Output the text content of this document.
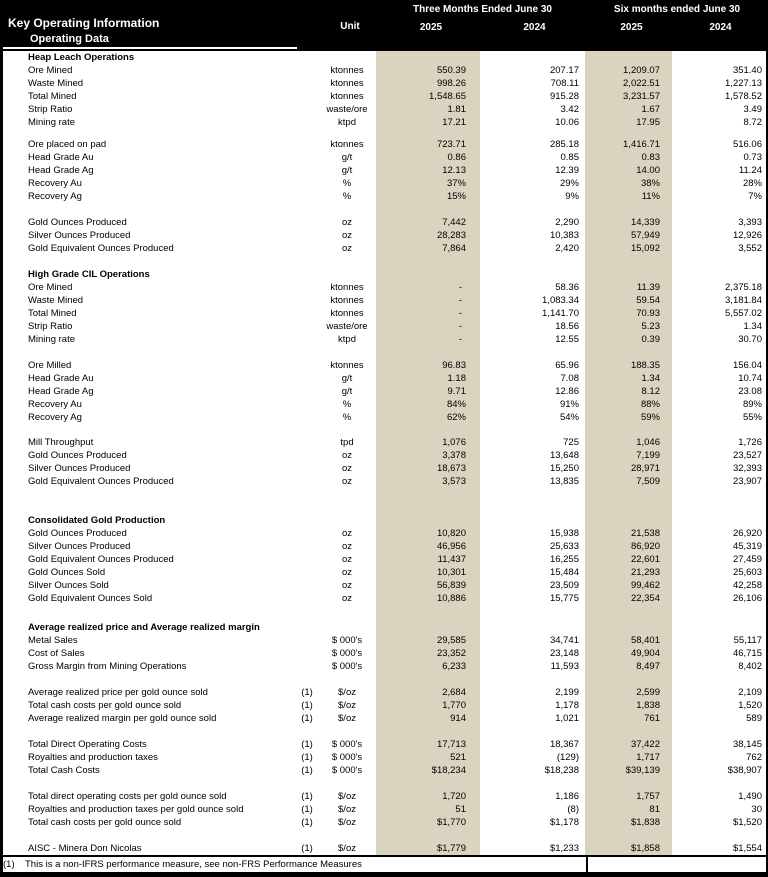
Key Operating Information
Operating Data
Unit
Three Months Ended June 30	Six months ended June 30
2025	2024	2025	2024
Heap Leach Operations
Ore Mined	ktonnes	550.39	207.17	1,209.07	351.40
Waste Mined	ktonnes	998.26	708.11	2,022.51	1,227.13
Total Mined	ktonnes	1,548.65	915.28	3,231.57	1,578.52
Strip Ratio	waste/ore	1.81	3.42	1.67	3.49
Mining rate	ktpd	17.21	10.06	17.95	8.72
Ore placed on pad	ktonnes	723.71	285.18	1,416.71	516.06
Head Grade Au	g/t	0.86	0.85	0.83	0.73
Head Grade Ag	g/t	12.13	12.39	14.00	11.24
Recovery Au	%	37%	29%	38%	28%
Recovery Ag	%	15%	9%	11%	7%
Gold Ounces Produced	oz	7,442	2,290	14,339	3,393
Silver Ounces Produced	oz	28,283	10,383	57,949	12,926
Gold Equivalent Ounces Produced	oz	7,864	2,420	15,092	3,552
High Grade CIL Operations
Ore Mined	ktonnes	-	58.36	11.39	2,375.18
Waste Mined	ktonnes	-	1,083.34	59.54	3,181.84
Total Mined	ktonnes	-	1,141.70	70.93	5,557.02
Strip Ratio	waste/ore	-	18.56	5.23	1.34
Mining rate	ktpd	-	12.55	0.39	30.70
Ore Milled	ktonnes	96.83	65.96	188.35	156.04
Head Grade Au	g/t	1.18	7.08	1.34	10.74
Head Grade Ag	g/t	9.71	12.86	8.12	23.08
Recovery Au	%	84%	91%	88%	89%
Recovery Ag	%	62%	54%	59%	55%
Mill Throughput	tpd	1,076	725	1,046	1,726
Gold Ounces Produced	oz	3,378	13,648	7,199	23,527
Silver Ounces Produced	oz	18,673	15,250	28,971	32,393
Gold Equivalent Ounces Produced	oz	3,573	13,835	7,509	23,907
Consolidated Gold Production
Gold Ounces Produced	oz	10,820	15,938	21,538	26,920
Silver Ounces Produced	oz	46,956	25,633	86,920	45,319
Gold Equivalent Ounces Produced	oz	11,437	16,255	22,601	27,459
Gold Ounces Sold	oz	10,301	15,484	21,293	25,603
Silver Ounces Sold	oz	56,839	23,509	99,462	42,258
Gold Equivalent Ounces Sold	oz	10,886	15,775	22,354	26,106
Average realized price and Average realized margin
Metal Sales	$ 000's	29,585	34,741	58,401	55,117
Cost of Sales	$ 000's	23,352	23,148	49,904	46,715
Gross Margin from Mining Operations	$ 000's	6,233	11,593	8,497	8,402
Average realized price per gold ounce sold	(1)	$/oz	2,684	2,199	2,599	2,109
Total cash costs per gold ounce sold	(1)	$/oz	1,770	1,178	1,838	1,520
Average realized margin per gold ounce sold	(1)	$/oz	914	1,021	761	589
Total Direct Operating Costs	(1)	$ 000's	17,713	18,367	37,422	38,145
Royalties and production taxes	(1)	$ 000's	521	(129)	1,717	762
Total Cash Costs	(1)	$ 000's	$18,234	$18,238	$39,139	$38,907
Total direct operating costs per gold ounce sold	(1)	$/oz	1,720	1,186	1,757	1,490
Royalties and production taxes per gold ounce sold	(1)	$/oz	51	(8)	81	30
Total cash costs per gold ounce sold	(1)	$/oz	$1,770	$1,178	$1,838	$1,520
AISC - Minera Don Nicolas	(1)	$/oz	$1,779	$1,233	$1,858	$1,554
(1) This is a non-IFRS performance measure, see non-FRS Performance Measures
